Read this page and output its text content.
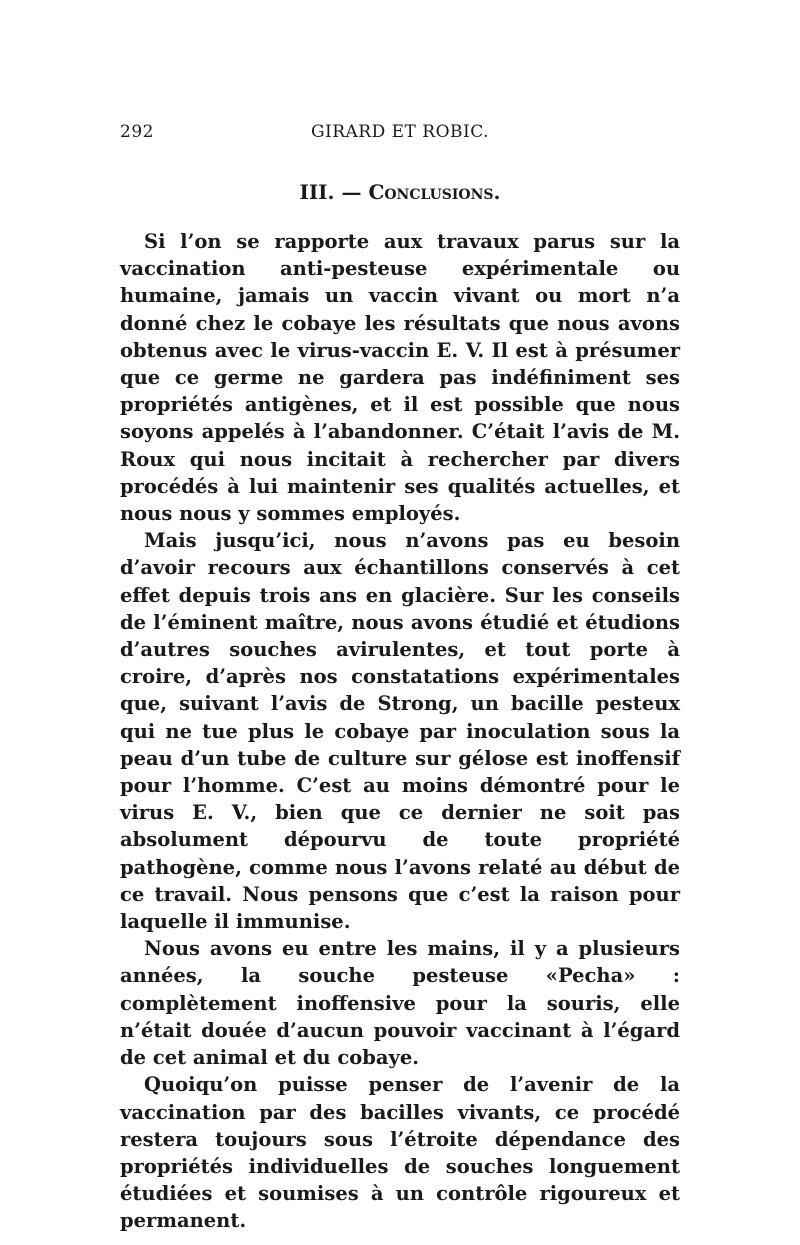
292	GIRARD ET ROBIC.
III. — Conclusions.

Si l’on se rapporte aux travaux parus sur la vaccination anti-pesteuse expérimentale ou humaine, jamais un vaccin vivant ou mort n’a donné chez le cobaye les résultats que nous avons obtenus avec le virus-vaccin E. V. Il est à présumer que ce germe ne gardera pas indéfiniment ses propriétés antigènes, et il est possible que nous soyons appelés à l’abandonner. C’était l’avis de M. Roux qui nous incitait à rechercher par divers procédés à lui maintenir ses qualités actuelles, et nous nous y sommes employés.

Mais jusqu’ici, nous n’avons pas eu besoin d’avoir recours aux échantillons conservés à cet effet depuis trois ans en glacière. Sur les conseils de l’éminent maître, nous avons étudié et étudions d’autres souches avirulentes, et tout porte à croire, d’après nos constatations expérimentales que, suivant l’avis de Strong, un bacille pesteux qui ne tue plus le cobaye par inoculation sous la peau d’un tube de culture sur gélose est inoffensif pour l’homme. C’est au moins démontré pour le virus E. V., bien que ce dernier ne soit pas absolument dépourvu de toute propriété pathogène, comme nous l’avons relaté au début de ce travail. Nous pensons que c’est la raison pour laquelle il immunise.

Nous avons eu entre les mains, il y a plusieurs années, la souche pesteuse «Pecha» : complètement inoffensive pour la souris, elle n’était douée d’aucun pouvoir vaccinant à l’égard de cet animal et du cobaye.

Quoiqu’on puisse penser de l’avenir de la vaccination par des bacilles vivants, ce procédé restera toujours sous l’étroite dépendance des propriétés individuelles de souches longuement étudiées et soumises à un contrôle rigoureux et permanent.
